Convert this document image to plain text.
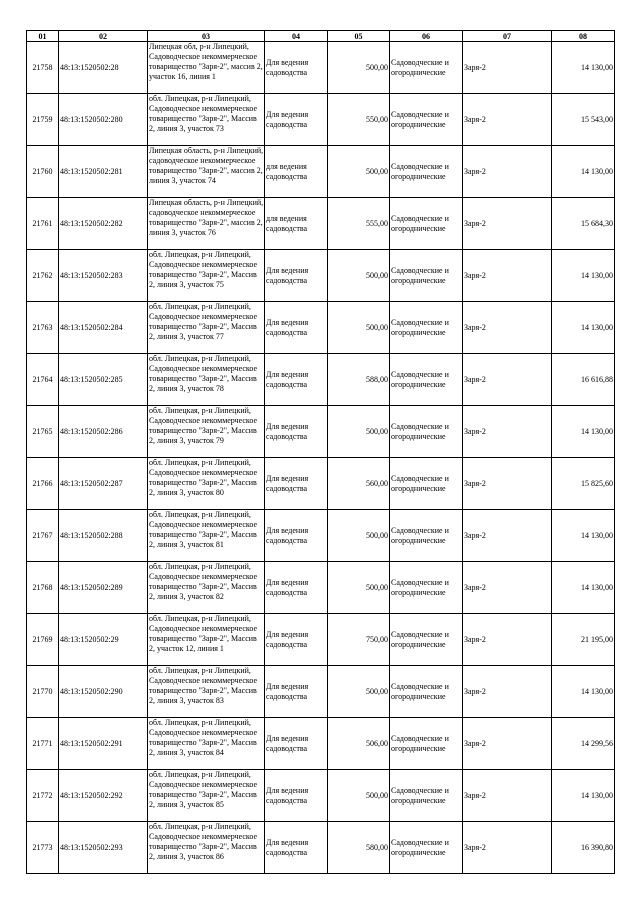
01	02	03	04	05	06	07	08
21758	48:13:1520502:28	Липецкая обл, р-н Липецкий, Садоводческое некоммерческое товарищество "Заря-2", массив 2, участок 16, линия 1	Для ведения садоводства	500,00	Садоводческие и огороднические	Заря-2	14 130,00
21759	48:13:1520502:280	обл. Липецкая, р-н Липецкий, Садоводческое некоммерческое товарищество "Заря-2", Массив 2, линия 3, участок 73	Для ведения садоводства	550,00	Садоводческие и огороднические	Заря-2	15 543,00
21760	48:13:1520502:281	Липецкая область, р-н Липецкий, садоводческое некоммерческое товарищество "Заря-2", массив 2, линия 3, участок 74	для ведения садоводства	500,00	Садоводческие и огороднические	Заря-2	14 130,00
21761	48:13:1520502:282	Липецкая область, р-н Липецкий, садоводческое некоммерческое товарищество "Заря-2", массив 2, линия 3, участок 76	для ведения садоводства	555,00	Садоводческие и огороднические	Заря-2	15 684,30
21762	48:13:1520502:283	обл. Липецкая, р-н Липецкий, Садоводческое некоммерческое товарищество "Заря-2", Массив 2, линия 3, участок 75	Для ведения садоводства	500,00	Садоводческие и огороднические	Заря-2	14 130,00
21763	48:13:1520502:284	обл. Липецкая, р-н Липецкий, Садоводческое некоммерческое товарищество "Заря-2", Массив 2, линия 3, участок 77	Для ведения садоводства	500,00	Садоводческие и огороднические	Заря-2	14 130,00
21764	48:13:1520502:285	обл. Липецкая, р-н Липецкий, Садоводческое некоммерческое товарищество "Заря-2", Массив 2, линия 3, участок 78	Для ведения садоводства	588,00	Садоводческие и огороднические	Заря-2	16 616,88
21765	48:13:1520502:286	обл. Липецкая, р-н Липецкий, Садоводческое некоммерческое товарищество "Заря-2", Массив 2, линия 3, участок 79	Для ведения садоводства	500,00	Садоводческие и огороднические	Заря-2	14 130,00
21766	48:13:1520502:287	обл. Липецкая, р-н Липецкий, Садоводческое некоммерческое товарищество "Заря-2", Массив 2, линия 3, участок 80	Для ведения садоводства	560,00	Садоводческие и огороднические	Заря-2	15 825,60
21767	48:13:1520502:288	обл. Липецкая, р-н Липецкий, Садоводческое некоммерческое товарищество "Заря-2", Массив 2, линия 3, участок 81	Для ведения садоводства	500,00	Садоводческие и огороднические	Заря-2	14 130,00
21768	48:13:1520502:289	обл. Липецкая, р-н Липецкий, Садоводческое некоммерческое товарищество "Заря-2", Массив 2, линия 3, участок 82	Для ведения садоводства	500,00	Садоводческие и огороднические	Заря-2	14 130,00
21769	48:13:1520502:29	обл. Липецкая, р-н Липецкий, Садоводческое некоммерческое товарищество "Заря-2", Массив 2, участок 12, линия 1	Для ведения садоводства	750,00	Садоводческие и огороднические	Заря-2	21 195,00
21770	48:13:1520502:290	обл. Липецкая, р-н Липецкий, Садоводческое некоммерческое товарищество "Заря-2", Массив 2, линия 3, участок 83	Для ведения садоводства	500,00	Садоводческие и огороднические	Заря-2	14 130,00
21771	48:13:1520502:291	обл. Липецкая, р-н Липецкий, Садоводческое некоммерческое товарищество "Заря-2", Массив 2, линия 3, участок 84	Для ведения садоводства	506,00	Садоводческие и огороднические	Заря-2	14 299,56
21772	48:13:1520502:292	обл. Липецкая, р-н Липецкий, Садоводческое некоммерческое товарищество "Заря-2", Массив 2, линия 3, участок 85	Для ведения садоводства	500,00	Садоводческие и огороднические	Заря-2	14 130,00
21773	48:13:1520502:293	обл. Липецкая, р-н Липецкий, Садоводческое некоммерческое товарищество "Заря-2", Массив 2, линия 3, участок 86	Для ведения садоводства	580,00	Садоводческие и огороднические	Заря-2	16 390,80
